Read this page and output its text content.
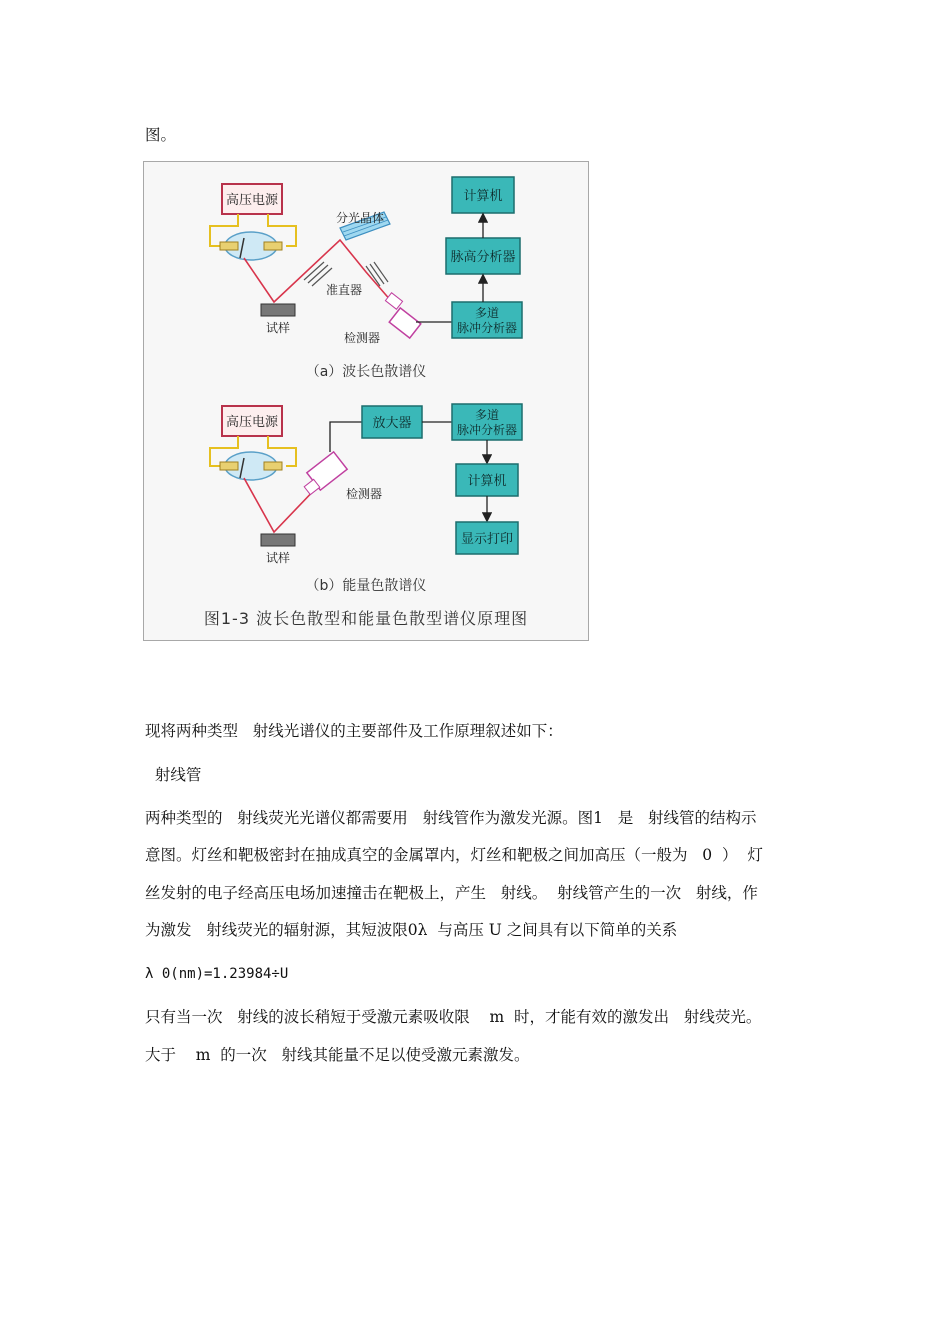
图。
高压电源
试样
准直器
分光晶体
检测器
计算机
脉高分析器
多道
脉冲分析器
（a）波长色散谱仪
高压电源
试样
检测器
放大器
多道
脉冲分析器
计算机
显示打印
（b）能量色散谱仪
图1-3 波长色散型和能量色散型谱仪原理图
现将两种类型   射线光谱仪的主要部件及工作原理叙述如下：
射线管
两种类型的   射线荧光光谱仪都需要用   射线管作为激发光源。图1   是   射线管的结构示
意图。灯丝和靶极密封在抽成真空的金属罩内，灯丝和靶极之间加高压（一般为   0  ）  灯
丝发射的电子经高压电场加速撞击在靶极上，产生   射线。  射线管产生的一次   射线，作
为激发   射线荧光的辐射源，其短波限0λ  与高压 U 之间具有以下简单的关系
λ 0(nm)=1.23984÷U
只有当一次   射线的波长稍短于受激元素吸收限    m  时，才能有效的激发出   射线荧光。
大于    m  的一次   射线其能量不足以使受激元素激发。
